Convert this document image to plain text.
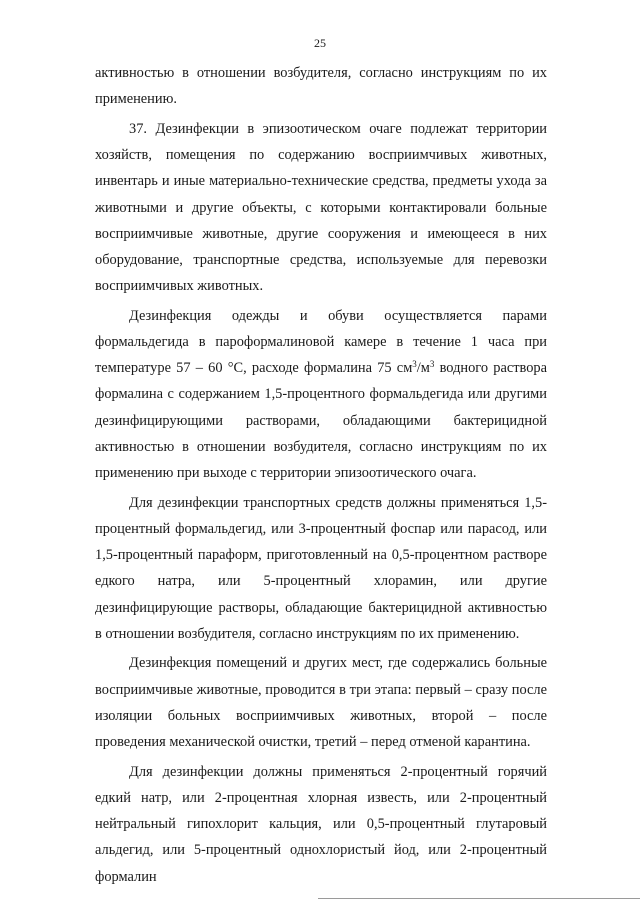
25

активностью в отношении возбудителя, согласно инструкциям по их применению.

37. Дезинфекции в эпизоотическом очаге подлежат территории хозяйств, помещения по содержанию восприимчивых животных, инвентарь и иные материально-технические средства, предметы ухода за животными и другие объекты, с которыми контактировали больные восприимчивые животные, другие сооружения и имеющееся в них оборудование, транспортные средства, используемые для перевозки восприимчивых животных.

Дезинфекция одежды и обуви осуществляется парами формальдегида в пароформалиновой камере в течение 1 часа при температуре 57 – 60 °С, расходе формалина 75 $см^3/м^3$ водного раствора формалина с содержанием 1,5-процентного формальдегида или другими дезинфицирующими растворами, обладающими бактерицидной активностью в отношении возбудителя, согласно инструкциям по их применению при выходе с территории эпизоотического очага.

Для дезинфекции транспортных средств должны применяться 1,5-процентный формальдегид, или 3-процентный фоспар или парасод, или 1,5-процентный параформ, приготовленный на 0,5-процентном растворе едкого натра, или 5-процентный хлорамин, или другие дезинфицирующие растворы, обладающие бактерицидной активностью в отношении возбудителя, согласно инструкциям по их применению.

Дезинфекция помещений и других мест, где содержались больные восприимчивые животные, проводится в три этапа: первый – сразу после изоляции больных восприимчивых животных, второй – после проведения механической очистки, третий – перед отменой карантина.

Для дезинфекции должны применяться 2-процентный горячий едкий натр, или 2-процентная хлорная известь, или 2-процентный нейтральный гипохлорит кальция, или 0,5-процентный глутаровый альдегид, или 5-процентный однохлористый йод, или 2-процентный формалин
